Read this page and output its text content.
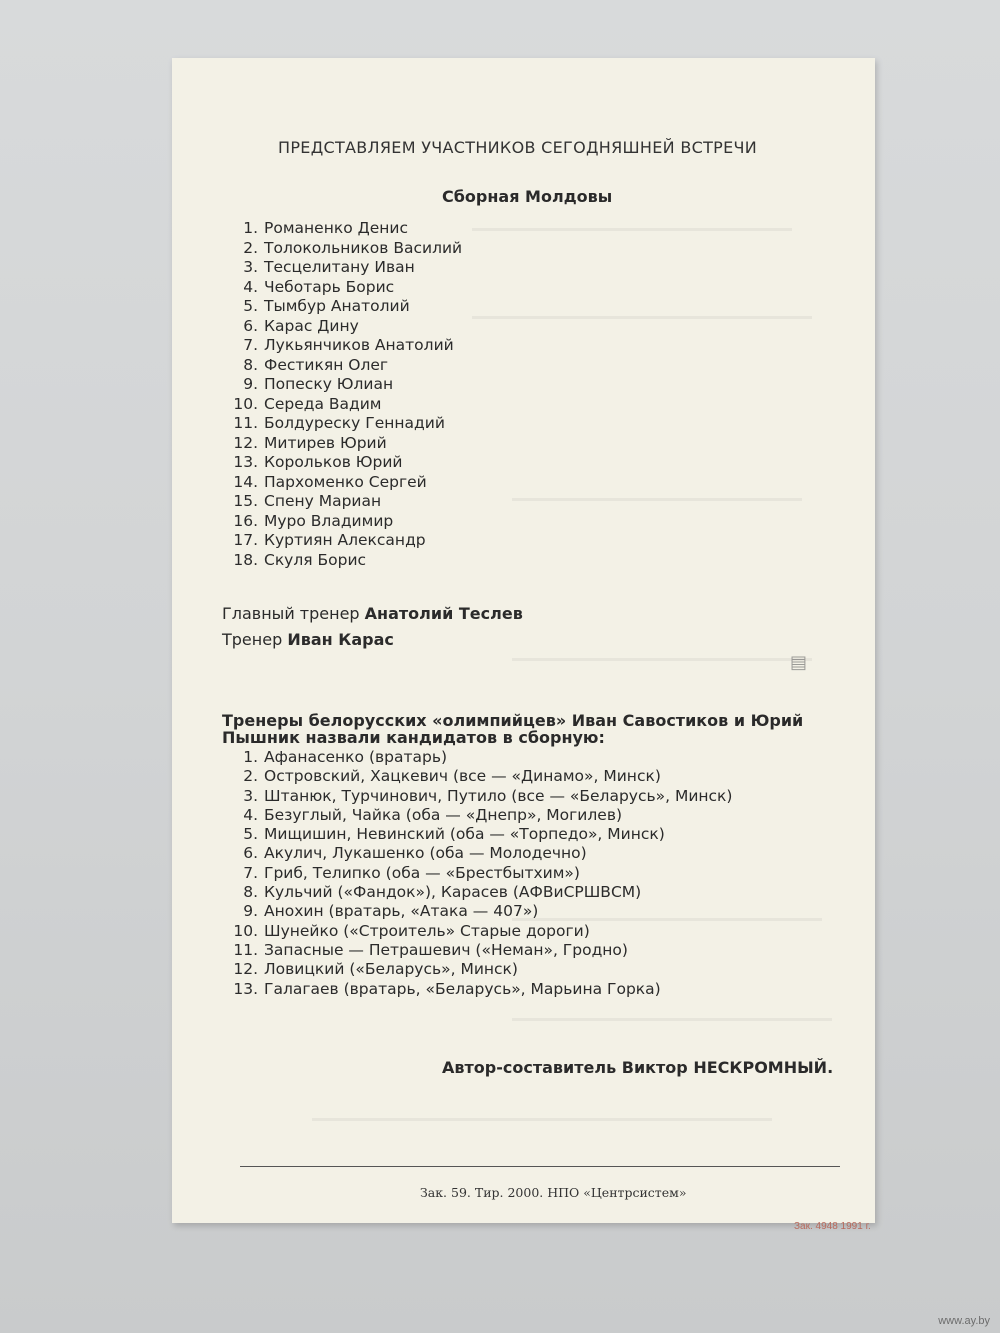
ПРЕДСТАВЛЯЕМ УЧАСТНИКОВ СЕГОДНЯШНЕЙ ВСТРЕЧИ
Сборная Молдовы
1. Романенко Денис
2. Толокольников Василий
3. Тесцелитану Иван
4. Чеботарь Борис
5. Тымбур Анатолий
6. Карас Дину
7. Лукьянчиков Анатолий
8. Фестикян Олег
9. Попеску Юлиан
10. Середа Вадим
11. Болдуреску Геннадий
12. Митирев Юрий
13. Корольков Юрий
14. Пархоменко Сергей
15. Спену Мариан
16. Муро Владимир
17. Куртиян Александр
18. Скуля Борис
Главный тренер Анатолий Теслев
Тренер Иван Карас
▤
Тренеры белорусских «олимпийцев» Иван Савостиков и Юрий
Пышник назвали кандидатов в сборную:
1. Афанасенко (вратарь)
2. Островский, Хацкевич (все — «Динамо», Минск)
3. Штанюк, Турчинович, Путило (все — «Беларусь», Минск)
4. Безуглый, Чайка (оба — «Днепр», Могилев)
5. Мищишин, Невинский (оба — «Торпедо», Минск)
6. Акулич, Лукашенко (оба — Молодечно)
7. Гриб, Телипко (оба — «Брестбытхим»)
8. Кульчий («Фандок»), Карасев (АФВиСРШВСМ)
9. Анохин (вратарь, «Атака — 407»)
10. Шунейко («Строитель» Старые дороги)
11. Запасные — Петрашевич («Неман», Гродно)
12. Ловицкий («Беларусь», Минск)
13. Галагаев (вратарь, «Беларусь», Марьина Горка)
Автор-составитель Виктор НЕСКРОМНЫЙ.
Зак. 59. Тир. 2000. НПО «Центрсистем»
Зак. 4948 1991 г.
www.ay.by
